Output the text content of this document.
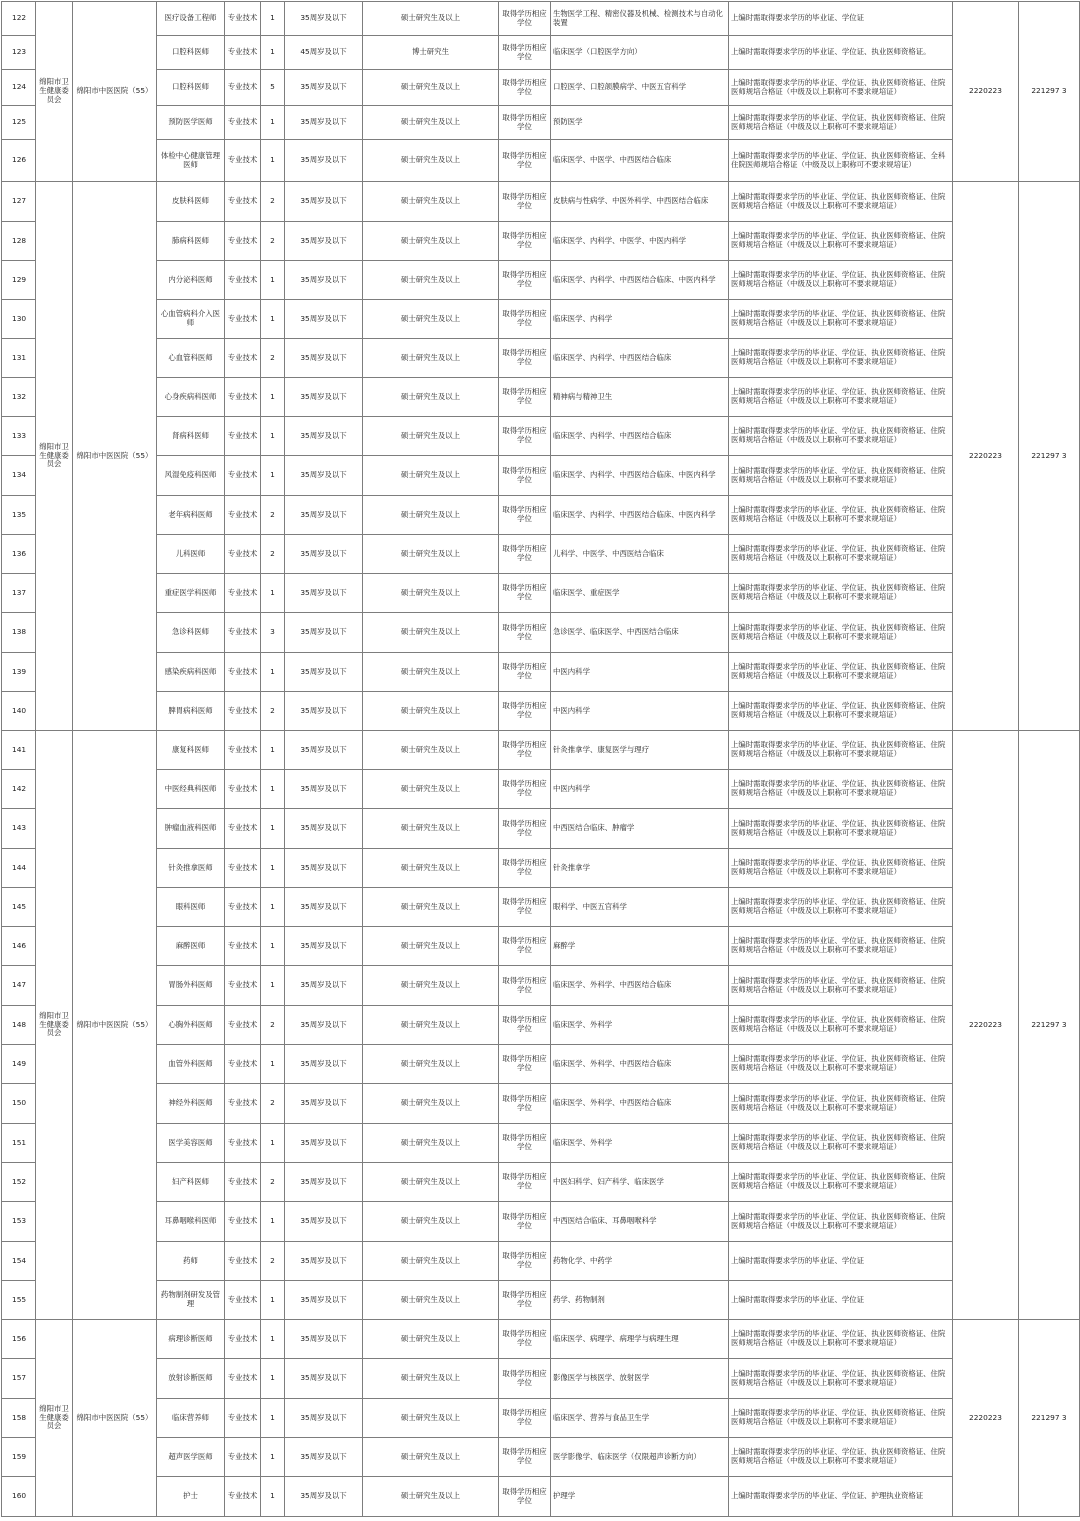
122	绵阳市卫生健康委员会	绵阳市中医医院（55）	医疗设备工程师	专业技术	1	35周岁及以下	硕士研究生及以上	取得学历相应学位	生物医学工程、精密仪器及机械、检测技术与自动化装置	上编时需取得要求学历的毕业证、学位证	2220223	221297 3
123			口腔科医师	专业技术	1	45周岁及以下	博士研究生	取得学历相应学位	临床医学（口腔医学方向）	上编时需取得要求学历的毕业证、学位证、执业医师资格证。		
124			口腔科医师	专业技术	5	35周岁及以下	硕士研究生及以上	取得学历相应学位	口腔医学、口腔颌膜病学、中医五官科学	上编时需取得要求学历的毕业证、学位证、执业医师资格证、住院医师规培合格证（中级及以上职称可不要求规培证）		
125			预防医学医师	专业技术	1	35周岁及以下	硕士研究生及以上	取得学历相应学位	预防医学	上编时需取得要求学历的毕业证、学位证、执业医师资格证、住院医师规培合格证（中级及以上职称可不要求规培证）		
126			体检中心健康管理医师	专业技术	1	35周岁及以下	硕士研究生及以上	取得学历相应学位	临床医学、中医学、中西医结合临床	上编时需取得要求学历的毕业证、学位证、执业医师资格证、全科住院医师规培合格证（中级及以上职称可不要求规培证）		
127	绵阳市卫生健康委员会	绵阳市中医医院（55）	皮肤科医师	专业技术	2	35周岁及以下	硕士研究生及以上	取得学历相应学位	皮肤病与性病学、中医外科学、中西医结合临床	上编时需取得要求学历的毕业证、学位证、执业医师资格证、住院医师规培合格证（中级及以上职称可不要求规培证）	2220223	221297 3
128			肺病科医师	专业技术	2	35周岁及以下	硕士研究生及以上	取得学历相应学位	临床医学、内科学、中医学、中医内科学	上编时需取得要求学历的毕业证、学位证、执业医师资格证、住院医师规培合格证（中级及以上职称可不要求规培证）		
129			内分泌科医师	专业技术	1	35周岁及以下	硕士研究生及以上	取得学历相应学位	临床医学、内科学、中西医结合临床、中医内科学	上编时需取得要求学历的毕业证、学位证、执业医师资格证、住院医师规培合格证（中级及以上职称可不要求规培证）		
130			心血管病科介入医师	专业技术	1	35周岁及以下	硕士研究生及以上	取得学历相应学位	临床医学、内科学	上编时需取得要求学历的毕业证、学位证、执业医师资格证、住院医师规培合格证（中级及以上职称可不要求规培证）		
131			心血管科医师	专业技术	2	35周岁及以下	硕士研究生及以上	取得学历相应学位	临床医学、内科学、中西医结合临床	上编时需取得要求学历的毕业证、学位证、执业医师资格证、住院医师规培合格证（中级及以上职称可不要求规培证）		
132			心身疾病科医师	专业技术	1	35周岁及以下	硕士研究生及以上	取得学历相应学位	精神病与精神卫生	上编时需取得要求学历的毕业证、学位证、执业医师资格证、住院医师规培合格证（中级及以上职称可不要求规培证）		
133			肾病科医师	专业技术	1	35周岁及以下	硕士研究生及以上	取得学历相应学位	临床医学、内科学、中西医结合临床	上编时需取得要求学历的毕业证、学位证、执业医师资格证、住院医师规培合格证（中级及以上职称可不要求规培证）		
134			风湿免疫科医师	专业技术	1	35周岁及以下	硕士研究生及以上	取得学历相应学位	临床医学、内科学、中西医结合临床、中医内科学	上编时需取得要求学历的毕业证、学位证、执业医师资格证、住院医师规培合格证（中级及以上职称可不要求规培证）		
135			老年病科医师	专业技术	2	35周岁及以下	硕士研究生及以上	取得学历相应学位	临床医学、内科学、中西医结合临床、中医内科学	上编时需取得要求学历的毕业证、学位证、执业医师资格证、住院医师规培合格证（中级及以上职称可不要求规培证）		
136			儿科医师	专业技术	2	35周岁及以下	硕士研究生及以上	取得学历相应学位	儿科学、中医学、中西医结合临床	上编时需取得要求学历的毕业证、学位证、执业医师资格证、住院医师规培合格证（中级及以上职称可不要求规培证）		
137			重症医学科医师	专业技术	1	35周岁及以下	硕士研究生及以上	取得学历相应学位	临床医学、重症医学	上编时需取得要求学历的毕业证、学位证、执业医师资格证、住院医师规培合格证（中级及以上职称可不要求规培证）		
138			急诊科医师	专业技术	3	35周岁及以下	硕士研究生及以上	取得学历相应学位	急诊医学、临床医学、中西医结合临床	上编时需取得要求学历的毕业证、学位证、执业医师资格证、住院医师规培合格证（中级及以上职称可不要求规培证）		
139			感染疾病科医师	专业技术	1	35周岁及以下	硕士研究生及以上	取得学历相应学位	中医内科学	上编时需取得要求学历的毕业证、学位证、执业医师资格证、住院医师规培合格证（中级及以上职称可不要求规培证）		
140			脾胃病科医师	专业技术	2	35周岁及以下	硕士研究生及以上	取得学历相应学位	中医内科学	上编时需取得要求学历的毕业证、学位证、执业医师资格证、住院医师规培合格证（中级及以上职称可不要求规培证）		
141	绵阳市卫生健康委员会	绵阳市中医医院（55）	康复科医师	专业技术	1	35周岁及以下	硕士研究生及以上	取得学历相应学位	针灸推拿学、康复医学与理疗	上编时需取得要求学历的毕业证、学位证、执业医师资格证、住院医师规培合格证（中级及以上职称可不要求规培证）	2220223	221297 3
142			中医经典科医师	专业技术	1	35周岁及以下	硕士研究生及以上	取得学历相应学位	中医内科学	上编时需取得要求学历的毕业证、学位证、执业医师资格证、住院医师规培合格证（中级及以上职称可不要求规培证）		
143			肿瘤血液科医师	专业技术	1	35周岁及以下	硕士研究生及以上	取得学历相应学位	中西医结合临床、肿瘤学	上编时需取得要求学历的毕业证、学位证、执业医师资格证、住院医师规培合格证（中级及以上职称可不要求规培证）		
144			针灸推拿医师	专业技术	1	35周岁及以下	硕士研究生及以上	取得学历相应学位	针灸推拿学	上编时需取得要求学历的毕业证、学位证、执业医师资格证、住院医师规培合格证（中级及以上职称可不要求规培证）		
145			眼科医师	专业技术	1	35周岁及以下	硕士研究生及以上	取得学历相应学位	眼科学、中医五官科学	上编时需取得要求学历的毕业证、学位证、执业医师资格证、住院医师规培合格证（中级及以上职称可不要求规培证）		
146			麻醉医师	专业技术	1	35周岁及以下	硕士研究生及以上	取得学历相应学位	麻醉学	上编时需取得要求学历的毕业证、学位证、执业医师资格证、住院医师规培合格证（中级及以上职称可不要求规培证）		
147			胃肠外科医师	专业技术	1	35周岁及以下	硕士研究生及以上	取得学历相应学位	临床医学、外科学、中西医结合临床	上编时需取得要求学历的毕业证、学位证、执业医师资格证、住院医师规培合格证（中级及以上职称可不要求规培证）		
148			心胸外科医师	专业技术	2	35周岁及以下	硕士研究生及以上	取得学历相应学位	临床医学、外科学	上编时需取得要求学历的毕业证、学位证、执业医师资格证、住院医师规培合格证（中级及以上职称可不要求规培证）		
149			血管外科医师	专业技术	1	35周岁及以下	硕士研究生及以上	取得学历相应学位	临床医学、外科学、中西医结合临床	上编时需取得要求学历的毕业证、学位证、执业医师资格证、住院医师规培合格证（中级及以上职称可不要求规培证）		
150			神经外科医师	专业技术	2	35周岁及以下	硕士研究生及以上	取得学历相应学位	临床医学、外科学、中西医结合临床	上编时需取得要求学历的毕业证、学位证、执业医师资格证、住院医师规培合格证（中级及以上职称可不要求规培证）		
151			医学美容医师	专业技术	1	35周岁及以下	硕士研究生及以上	取得学历相应学位	临床医学、外科学	上编时需取得要求学历的毕业证、学位证、执业医师资格证、住院医师规培合格证（中级及以上职称可不要求规培证）		
152			妇产科医师	专业技术	2	35周岁及以下	硕士研究生及以上	取得学历相应学位	中医妇科学、妇产科学、临床医学	上编时需取得要求学历的毕业证、学位证、执业医师资格证、住院医师规培合格证（中级及以上职称可不要求规培证）		
153			耳鼻咽喉科医师	专业技术	1	35周岁及以下	硕士研究生及以上	取得学历相应学位	中西医结合临床、耳鼻咽喉科学	上编时需取得要求学历的毕业证、学位证、执业医师资格证、住院医师规培合格证（中级及以上职称可不要求规培证）		
154			药师	专业技术	2	35周岁及以下	硕士研究生及以上	取得学历相应学位	药物化学、中药学	上编时需取得要求学历的毕业证、学位证		
155			药物制剂研发及管理	专业技术	1	35周岁及以下	硕士研究生及以上	取得学历相应学位	药学、药物制剂	上编时需取得要求学历的毕业证、学位证		
156	绵阳市卫生健康委员会	绵阳市中医医院（55）	病理诊断医师	专业技术	1	35周岁及以下	硕士研究生及以上	取得学历相应学位	临床医学、病理学、病理学与病理生理	上编时需取得要求学历的毕业证、学位证、执业医师资格证、住院医师规培合格证（中级及以上职称可不要求规培证）	2220223	221297 3
157			放射诊断医师	专业技术	1	35周岁及以下	硕士研究生及以上	取得学历相应学位	影像医学与核医学、放射医学	上编时需取得要求学历的毕业证、学位证、执业医师资格证、住院医师规培合格证（中级及以上职称可不要求规培证）		
158			临床营养师	专业技术	1	35周岁及以下	硕士研究生及以上	取得学历相应学位	临床医学、营养与食品卫生学	上编时需取得要求学历的毕业证、学位证、执业医师资格证、住院医师规培合格证（中级及以上职称可不要求规培证）		
159			超声医学医师	专业技术	1	35周岁及以下	硕士研究生及以上	取得学历相应学位	医学影像学、临床医学（仅限超声诊断方向）	上编时需取得要求学历的毕业证、学位证、执业医师资格证、住院医师规培合格证（中级及以上职称可不要求规培证）		
160			护士	专业技术	1	35周岁及以下	硕士研究生及以上	取得学历相应学位	护理学	上编时需取得要求学历的毕业证、学位证、护理执业资格证		
